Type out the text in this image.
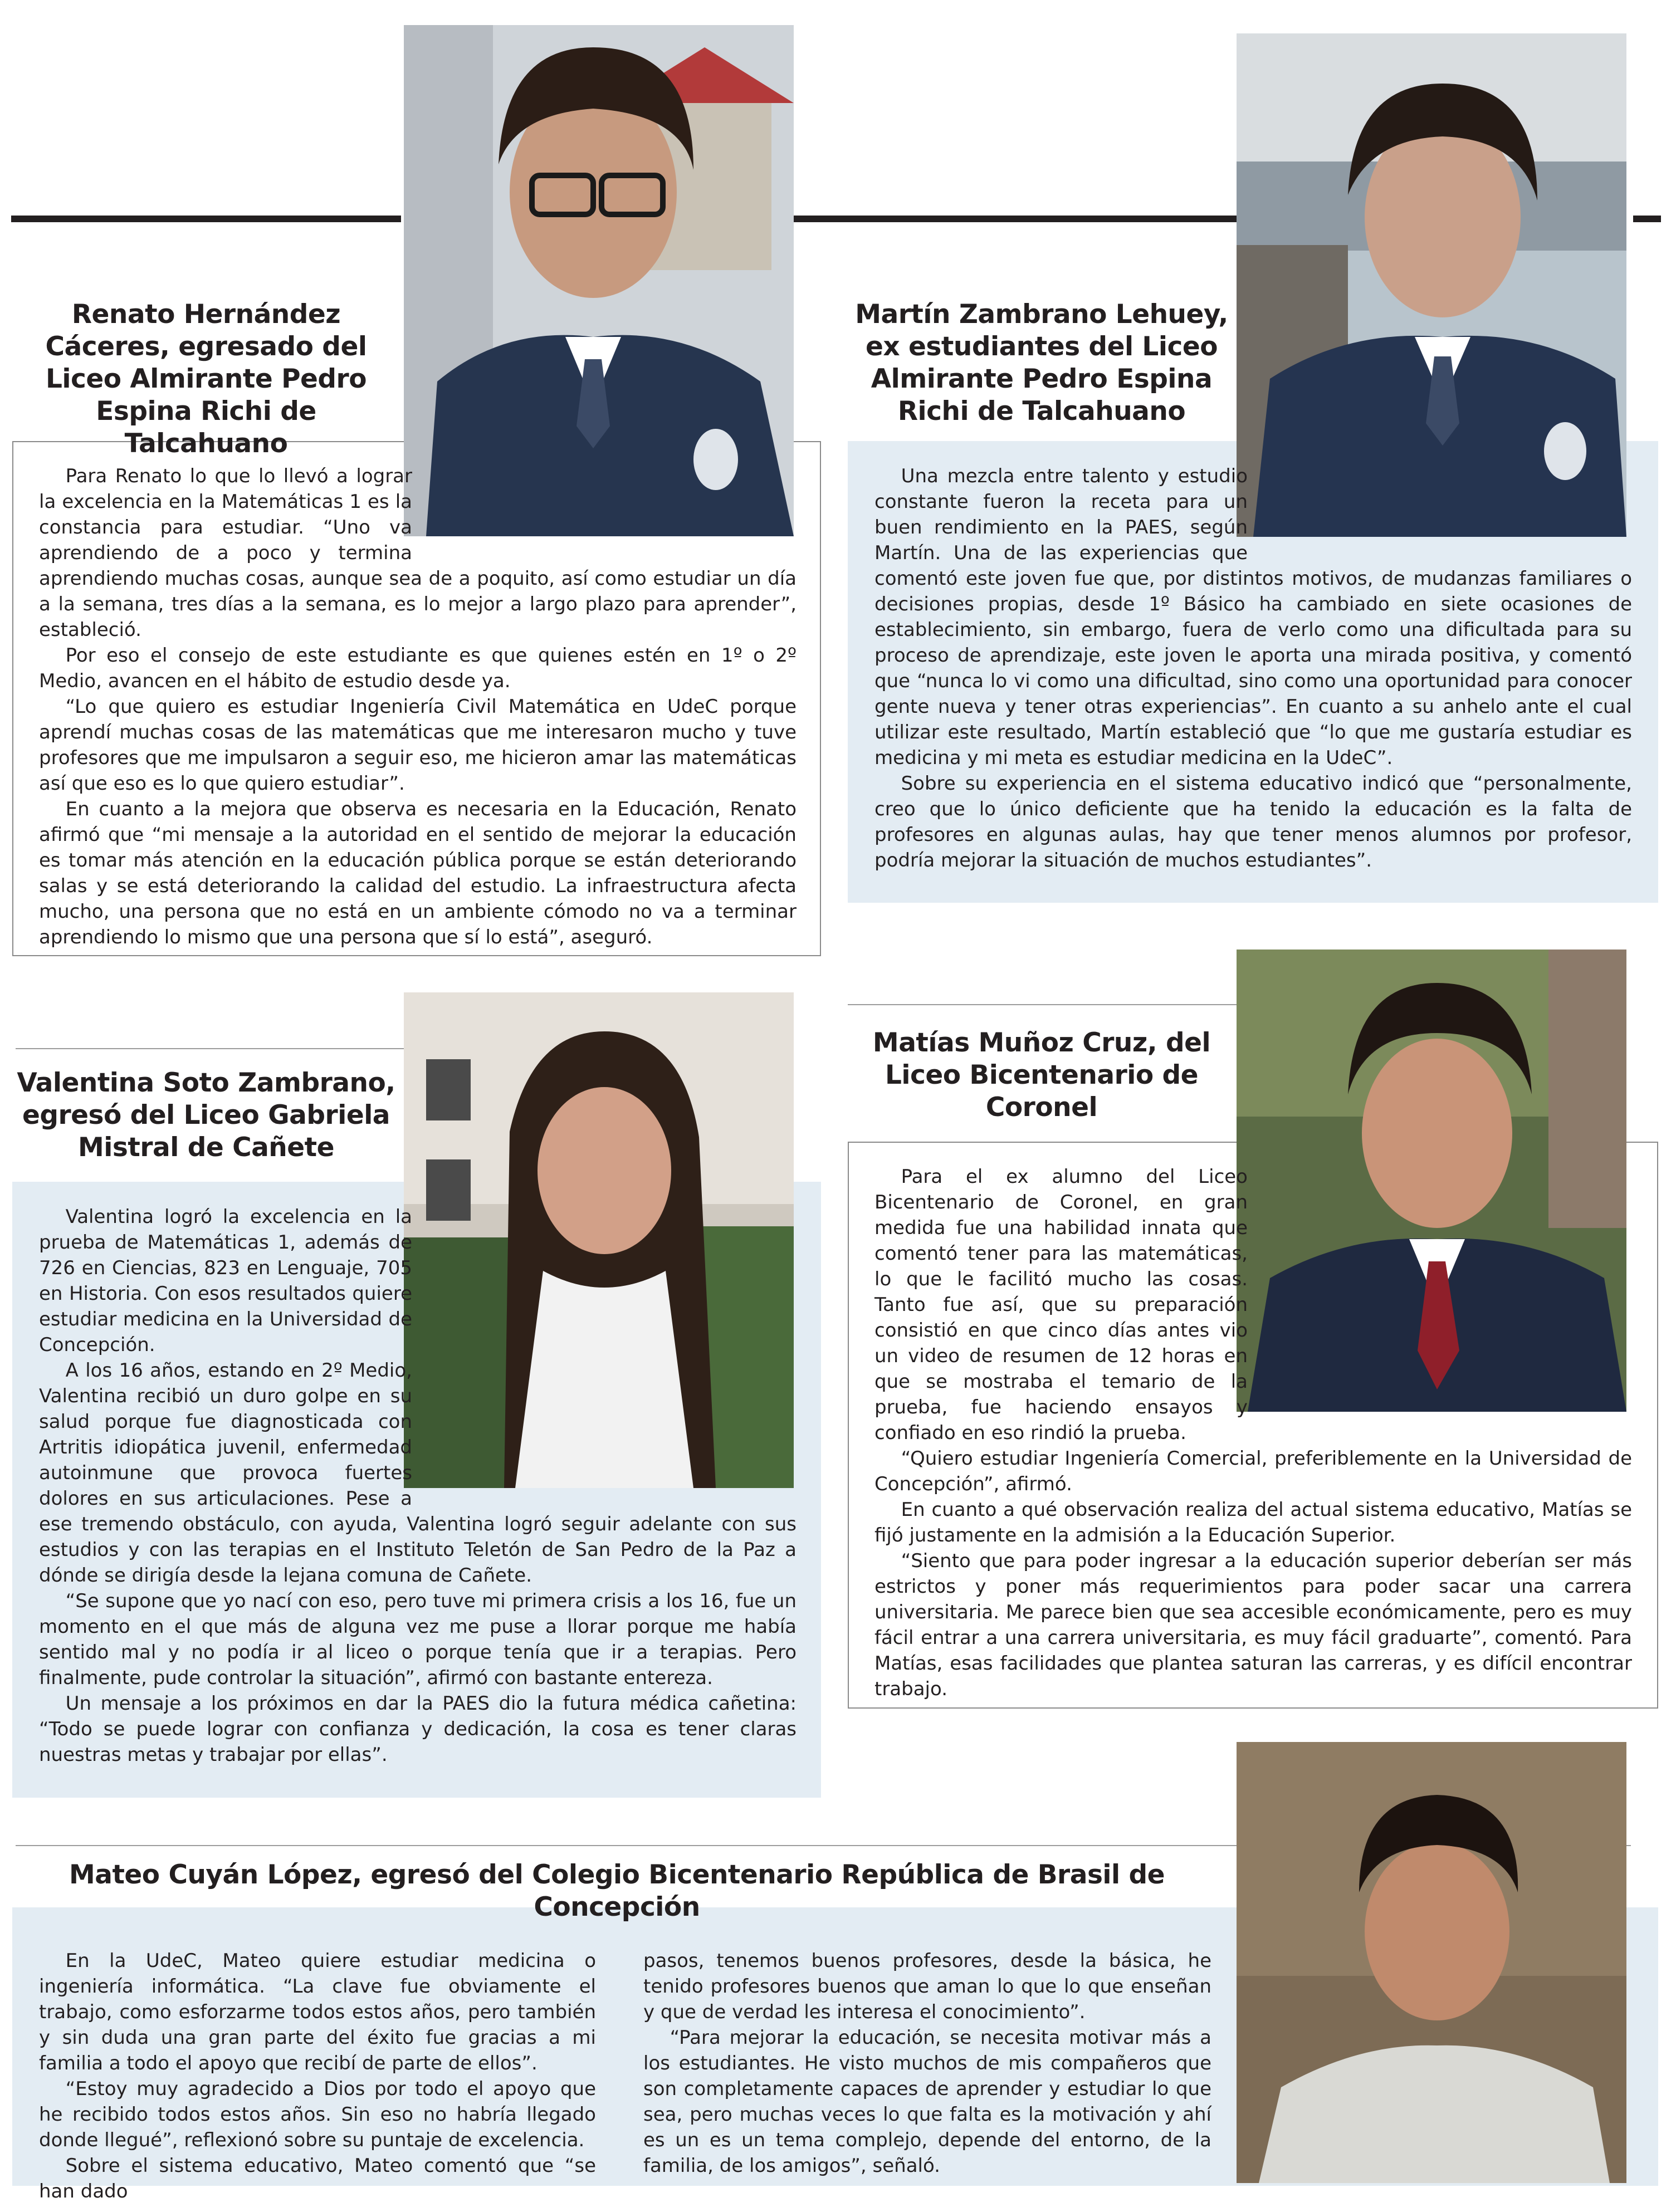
Renato Hernández Cáceres, egresado del Liceo Almirante Pedro Espina Richi de Talcahuano
Martín Zambrano Lehuey, ex estudiantes del Liceo Almirante Pedro Espina Richi de Talcahuano
Valentina Soto Zambrano, egresó del Liceo Gabriela Mistral de Cañete
Matías Muñoz Cruz, del Liceo Bicentenario de Coronel
Mateo Cuyán López, egresó del Colegio Bicentenario República de Brasil de Concepción

Para Renato lo que lo llevó a lograr la excelencia en la Matemáticas 1 es la constancia para estudiar. “Uno va aprendiendo de a poco y termina aprendiendo muchas cosas, aunque sea de a poquito, así como estudiar un día a la semana, tres días a la semana, es lo mejor a largo plazo para aprender”, estableció.

Por eso el consejo de este estudiante es que quienes estén en 1º o 2º Medio, avancen en el hábito de estudio desde ya.

“Lo que quiero es estudiar Ingeniería Civil Matemática en UdeC porque aprendí muchas cosas de las matemáticas que me interesaron mucho y tuve profesores que me impulsaron a seguir eso, me hicieron amar las matemáticas así que eso es lo que quiero estudiar”.

En cuanto a la mejora que observa es necesaria en la Educación, Renato afirmó que “mi mensaje a la autoridad en el sentido de mejorar la educación es tomar más atención en la educación pública porque se están deteriorando salas y se está deteriorando la calidad del estudio. La infraestructura afecta mucho, una persona que no está en un ambiente cómodo no va a terminar aprendiendo lo mismo que una persona que sí lo está”, aseguró.

Una mezcla entre talento y estudio constante fueron la receta para un buen rendimiento en la PAES, según Martín. Una de las experiencias que comentó este joven fue que, por distintos motivos, de mudanzas familiares o decisiones propias, desde 1º Básico ha cambiado en siete ocasiones de establecimiento, sin embargo, fuera de verlo como una dificultada para su proceso de aprendizaje, este joven le aporta una mirada positiva, y comentó que “nunca lo vi como una dificultad, sino como una oportunidad para conocer gente nueva y tener otras experiencias”. En cuanto a su anhelo ante el cual utilizar este resultado, Martín estableció que “lo que me gustaría estudiar es medicina y mi meta es estudiar medicina en la UdeC”.

Sobre su experiencia en el sistema educativo indicó que “personalmente, creo que lo único deficiente que ha tenido la educación es la falta de profesores en algunas aulas, hay que tener menos alumnos por profesor, podría mejorar la situación de muchos estudiantes”.

Valentina logró la excelencia en la prueba de Matemáticas 1, además de 726 en Ciencias, 823 en Lenguaje, 705 en Historia. Con esos resultados quiere estudiar medicina en la Universidad de Concepción.

A los 16 años, estando en 2º Medio, Valentina recibió un duro golpe en su salud porque fue diagnosticada con Artritis idiopática juvenil, enfermedad autoinmune que provoca fuertes dolores en sus articulaciones. Pese a ese tremendo obstáculo, con ayuda, Valentina logró seguir adelante con sus estudios y con las terapias en el Instituto Teletón de San Pedro de la Paz a dónde se dirigía desde la lejana comuna de Cañete.

“Se supone que yo nací con eso, pero tuve mi primera crisis a los 16, fue un momento en el que más de alguna vez me puse a llorar porque me había sentido mal y no podía ir al liceo o porque tenía que ir a terapias. Pero finalmente, pude controlar la situación”, afirmó con bastante entereza.

Un mensaje a los próximos en dar la PAES dio la futura médica cañetina: “Todo se puede lograr con confianza y dedicación, la cosa es tener claras nuestras metas y trabajar por ellas”.

Para el ex alumno del Liceo Bicentenario de Coronel, en gran medida fue una habilidad innata que comentó tener para las matemáticas, lo que le facilitó mucho las cosas. Tanto fue así, que su preparación consistió en que cinco días antes vio un video de resumen de 12 horas en que se mostraba el temario de la prueba, fue haciendo ensayos y confiado en eso rindió la prueba.

“Quiero estudiar Ingeniería Comercial, preferiblemente en la Universidad de Concepción”, afirmó.

En cuanto a qué observación realiza del actual sistema educativo, Matías se fijó justamente en la admisión a la Educación Superior.

“Siento que para poder ingresar a la educación superior deberían ser más estrictos y poner más requerimientos para poder sacar una carrera universitaria. Me parece bien que sea accesible económicamente, pero es muy fácil entrar a una carrera universitaria, es muy fácil graduarte”, comentó. Para Matías, esas facilidades que plantea saturan las carreras, y es difícil encontrar trabajo.

En la UdeC, Mateo quiere estudiar medicina o ingeniería informática. “La clave fue obviamente el trabajo, como esforzarme todos estos años, pero también y sin duda una gran parte del éxito fue gracias a mi familia a todo el apoyo que recibí de parte de ellos”.

“Estoy muy agradecido a Dios por todo el apoyo que he recibido todos estos años. Sin eso no habría llegado donde llegué”, reflexionó sobre su puntaje de excelencia.

Sobre el sistema educativo, Mateo comentó que “se han dado

pasos, tenemos buenos profesores, desde la básica, he tenido profesores buenos que aman lo que lo que enseñan y que de verdad les interesa el conocimiento”.

“Para mejorar la educación, se necesita motivar más a los estudiantes. He visto muchos de mis compañeros que son completamente capaces de aprender y estudiar lo que sea, pero muchas veces lo que falta es la motivación y ahí es un es un tema complejo, depende del entorno, de la familia, de los amigos”, señaló.
